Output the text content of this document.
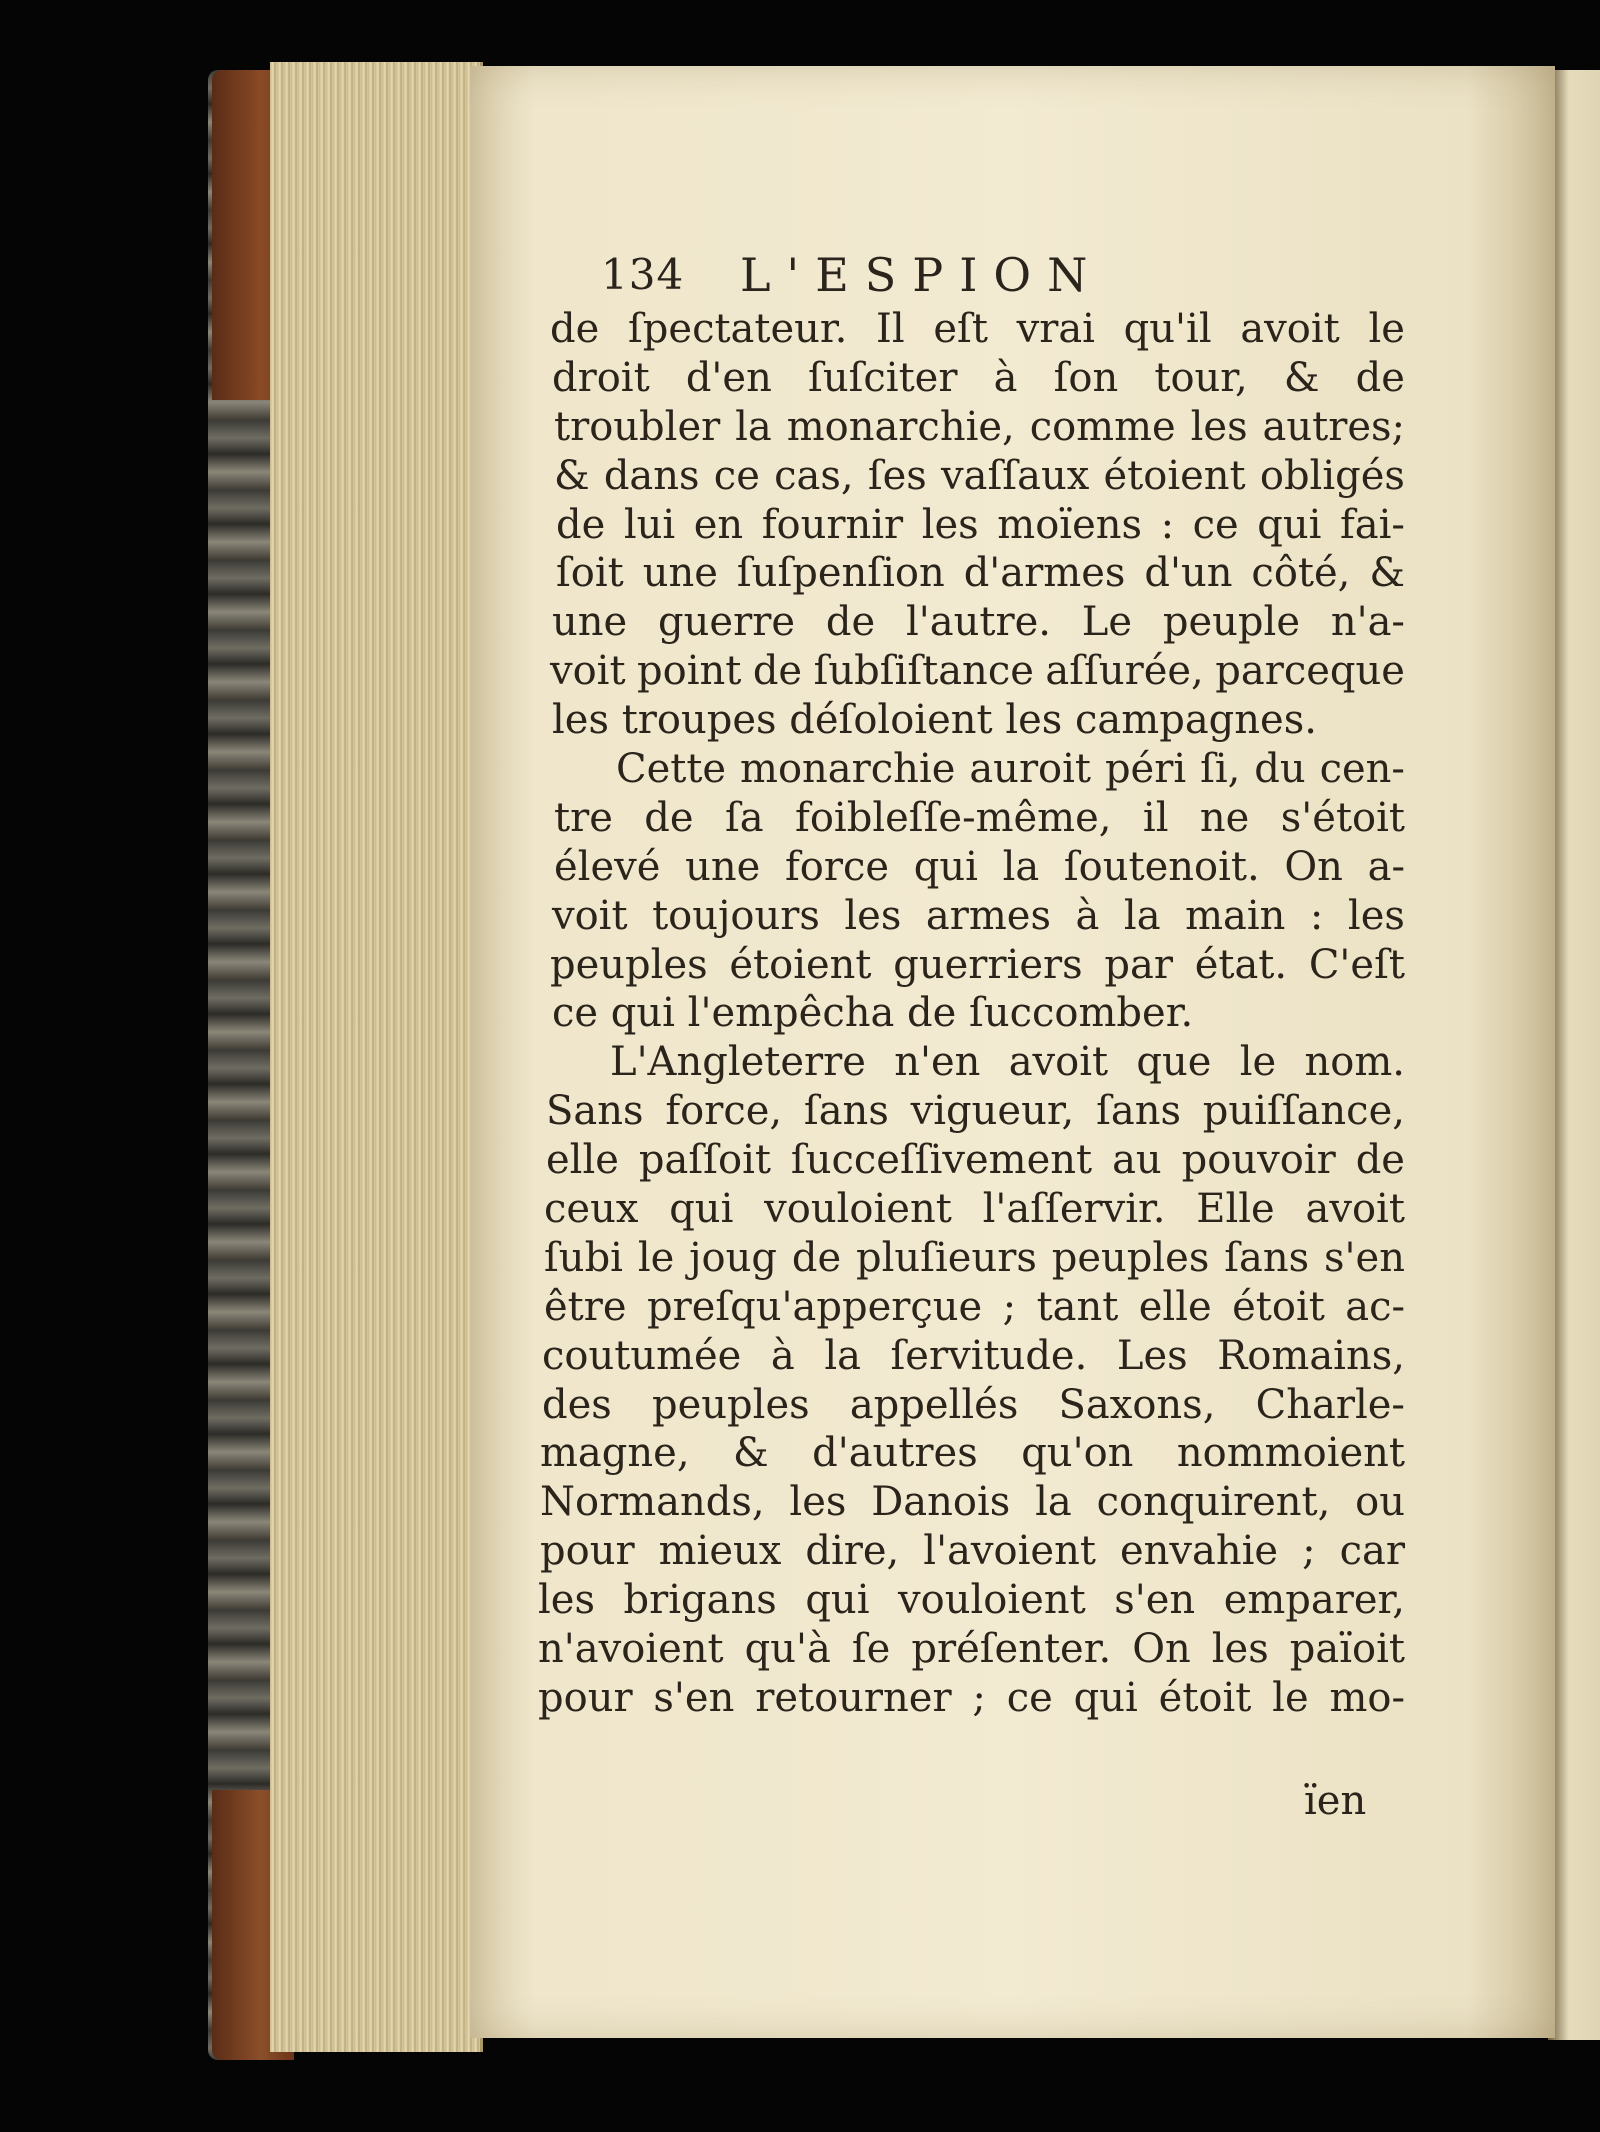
134 L'ESPION
de ſpectateur. Il eſt vrai qu'il avoit le
droit d'en ſuſciter à ſon tour, & de
troubler la monarchie, comme les autres;
& dans ce cas, ſes vaſſaux étoient obligés
de lui en fournir les moïens : ce qui fai-
ſoit une ſuſpenſion d'armes d'un côté, &
une guerre de l'autre. Le peuple n'a-
voit point de ſubſiſtance aſſurée, parceque
les troupes déſoloient les campagnes.
Cette monarchie auroit péri ſi, du cen-
tre de ſa foibleſſe-même, il ne s'étoit
élevé une force qui la ſoutenoit. On a-
voit toujours les armes à la main : les
peuples étoient guerriers par état. C'eſt
ce qui l'empêcha de ſuccomber.
L'Angleterre n'en avoit que le nom.
Sans force, ſans vigueur, ſans puiſſance,
elle paſſoit ſucceſſivement au pouvoir de
ceux qui vouloient l'aſſervir. Elle avoit
ſubi le joug de pluſieurs peuples ſans s'en
être preſqu'apperçue ; tant elle étoit ac-
coutumée à la ſervitude. Les Romains,
des peuples appellés Saxons, Charle-
magne, & d'autres qu'on nommoient
Normands, les Danois la conquirent, ou
pour mieux dire, l'avoient envahie ; car
les brigans qui vouloient s'en emparer,
n'avoient qu'à ſe préſenter. On les païoit
pour s'en retourner ; ce qui étoit le mo-
ïen
